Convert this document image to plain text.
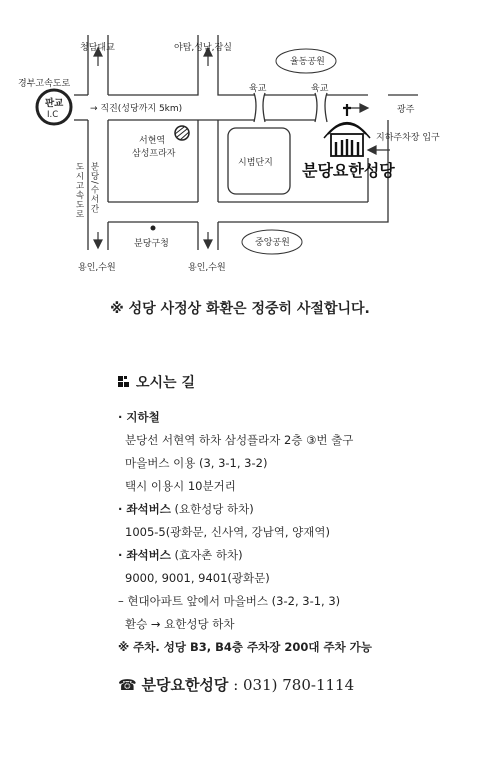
청담대교	야탑,성남,잠실
율동공원
경부고속도로
판교
I.C
→ 직진(성당까지 5km)
육교	육교
광주
서현역
삼성프라자
시범단지
지하주차장 입구
분당요한성당
분당구청	중앙공원
용인,수원	용인,수원
분당/수서간
도시고속도로
※ 성당 사정상 화환은 정중히 사절합니다.
오시는 길
· 지하철
분당선 서현역 하차 삼성플라자 2층 ③번 출구
마을버스 이용 (3, 3-1, 3-2)
택시 이용시 10분거리
· 좌석버스 (요한성당 하차)
1005-5(광화문, 신사역, 강남역, 양재역)
· 좌석버스 (효자촌 하차)
9000, 9001, 9401(광화문)
– 현대아파트 앞에서 마을버스 (3-2, 3-1, 3)
환승 → 요한성당 하차
※ 주차. 성당 B3, B4층 주차장 200대 주차 가능
☎ 분당요한성당 : 031) 780-1114
